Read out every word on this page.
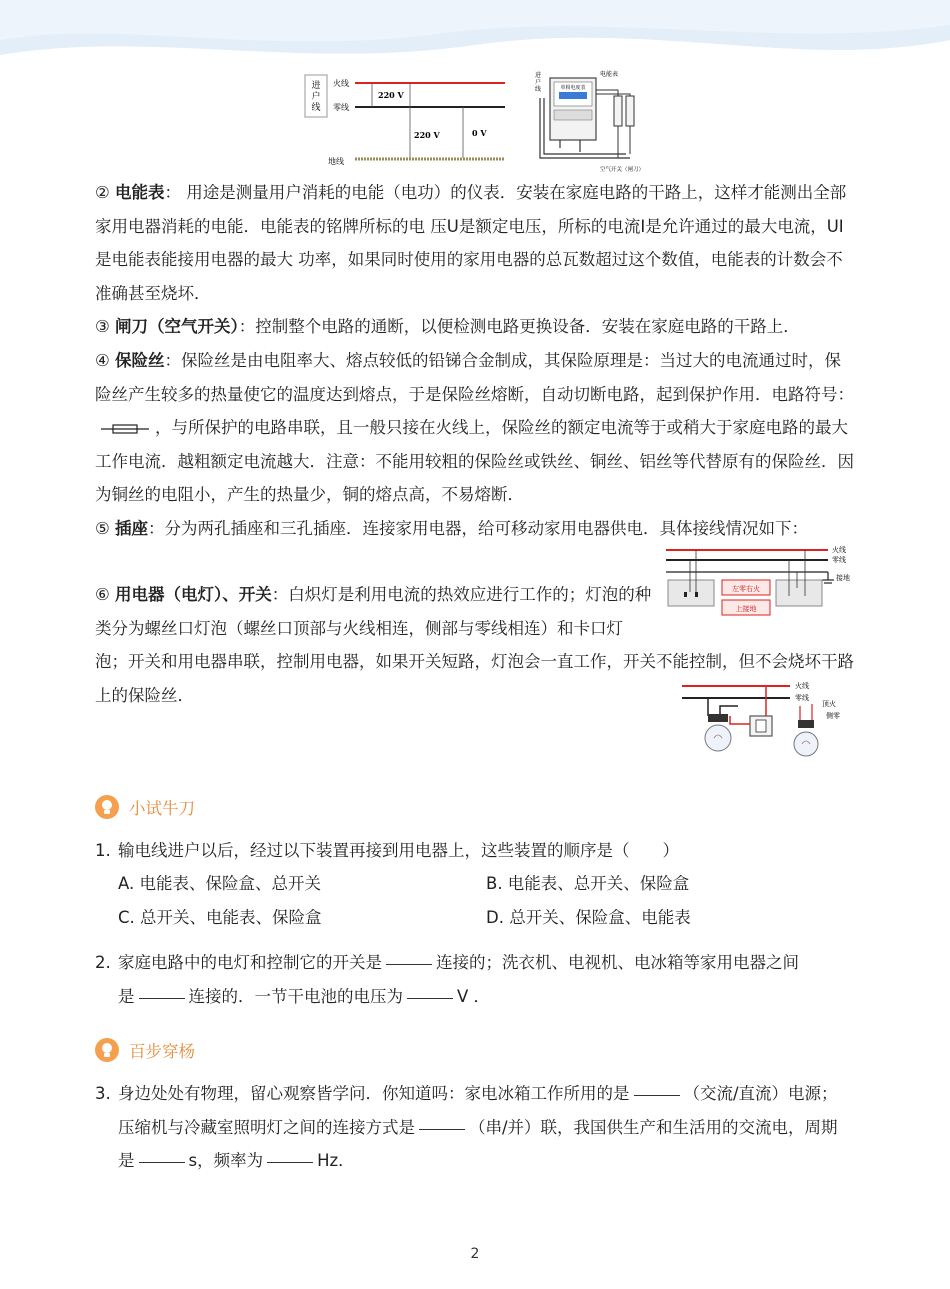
进
户
线
火线
零线
220 V
220 V	0 V
地线
进
户
线
电能表
单相电度表
空气开关（闸刀）

② 电能表： 用途是测量用户消耗的电能（电功）的仪表．安装在家庭电路的干路上，这样才能测出全部家用电器消耗的电能．电能表的铭牌所标的电 压U是额定电压，所标的电流I是允许通过的最大电流，UI是电能表能接用电器的最大 功率，如果同时使用的家用电器的总瓦数超过这个数值，电能表的计数会不准确甚至烧坏．

③ 闸刀（空气开关）：控制整个电路的通断，以便检测电路更换设备．安装在家庭电路的干路上．

④ 保险丝：保险丝是由电阻率大、熔点较低的铅锑合金制成，其保险原理是：当过大的电流通过时，保险丝产生较多的热量使它的温度达到熔点，于是保险丝熔断，自动切断电路，起到保护作用．电路符号：，与所保护的电路串联，且一般只接在火线上，保险丝的额定电流等于或稍大于家庭电路的最大工作电流．越粗额定电流越大．注意：不能用较粗的保险丝或铁丝、铜丝、铝丝等代替原有的保险丝．因为铜丝的电阻小，产生的热量少，铜的熔点高，不易熔断．

⑤ 插座：分为两孔插座和三孔插座．连接家用电器，给可移动家用电器供电．具体接线情况如下：

火线
零线
接地
左零右火
上接地

⑥ 用电器（电灯）、开关：白炽灯是利用电流的热效应进行工作的；灯泡的种类分为螺丝口灯泡（螺丝口顶部与火线相连，侧部与零线相连）和卡口灯

泡；开关和用电器串联，控制用电器，如果开关短路，灯泡会一直工作，开关不能控制，但不会烧坏干路上的保险丝．	火线
零线
顶火
侧零
小试牛刀
1. 输电线进户以后，经过以下装置再接到用电器上，这些装置的顺序是（　　）
A. 电能表、保险盒、总开关	B. 电能表、总开关、保险盒
C. 总开关、电能表、保险盒	D. 总开关、保险盒、电能表
2. 家庭电路中的电灯和控制它的开关是	连接的；洗衣机、电视机、电冰箱等家用电器之间
是	连接的．一节干电池的电压为	V ．
百步穿杨
3. 身边处处有物理，留心观察皆学问．你知道吗：家电冰箱工作所用的是	（交流/直流）电源；
压缩机与冷藏室照明灯之间的连接方式是	（串/并）联，我国供生产和生活用的交流电，周期
是	s，频率为	Hz．
2
